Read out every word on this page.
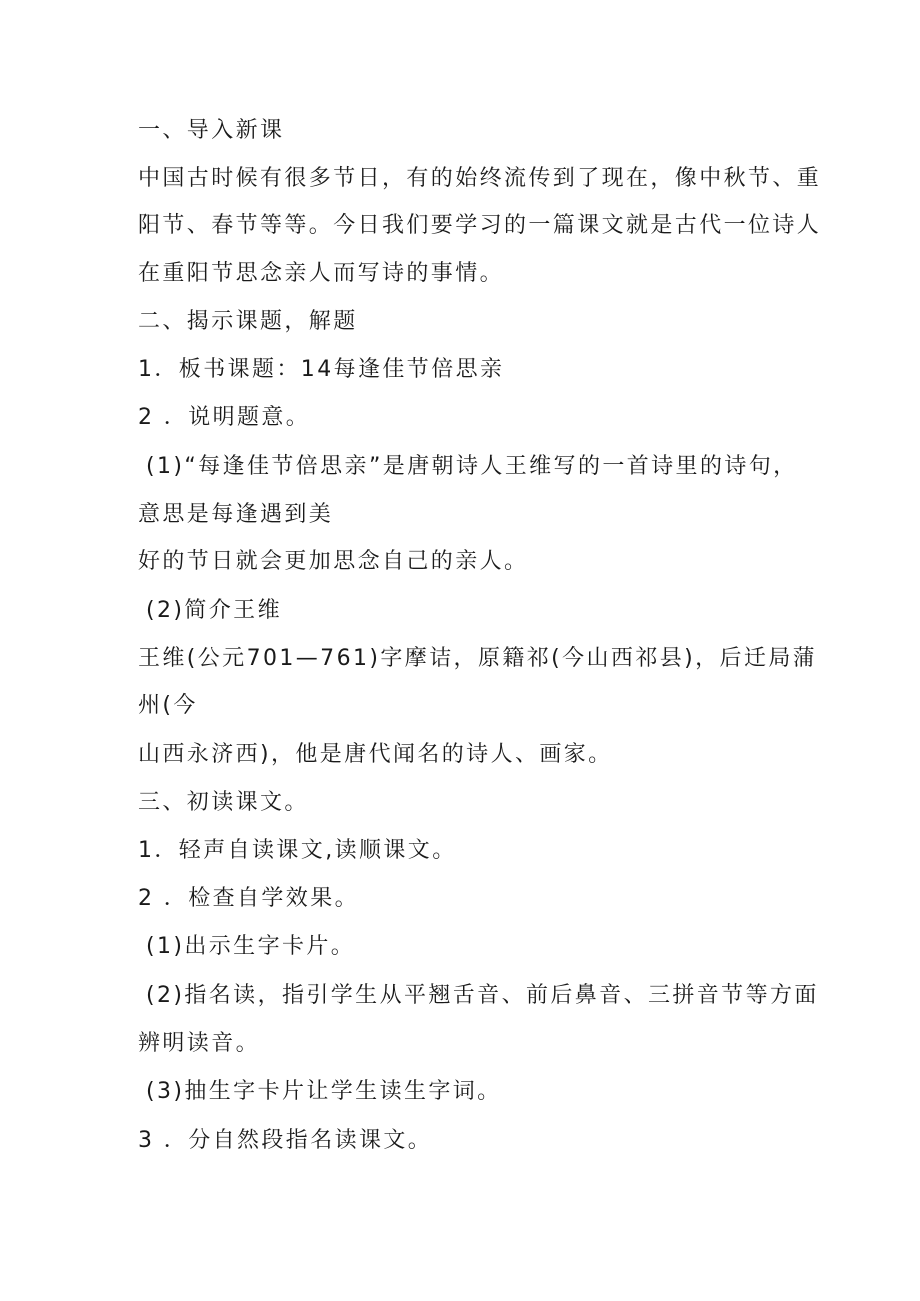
一、导入新课
中国古时候有很多节日，有的始终流传到了现在，像中秋节、重
阳节、春节等等。今日我们要学习的一篇课文就是古代一位诗人
在重阳节思念亲人而写诗的事情。
二、揭示课题，解题
1．板书课题：14每逢佳节倍思亲
2 ．说明题意。
(1)“每逢佳节倍思亲”是唐朝诗人王维写的一首诗里的诗句，
意思是每逢遇到美
好的节日就会更加思念自己的亲人。
(2)简介王维
王维(公元701—761)字摩诘，原籍祁(今山西祁县)，后迁局蒲
州(今
山西永济西)，他是唐代闻名的诗人、画家。
三、初读课文。
1．轻声自读课文,读顺课文。
2 ．检查自学效果。
(1)出示生字卡片。
(2)指名读，指引学生从平翘舌音、前后鼻音、三拼音节等方面
辨明读音。
(3)抽生字卡片让学生读生字词。
3 ．分自然段指名读课文。
